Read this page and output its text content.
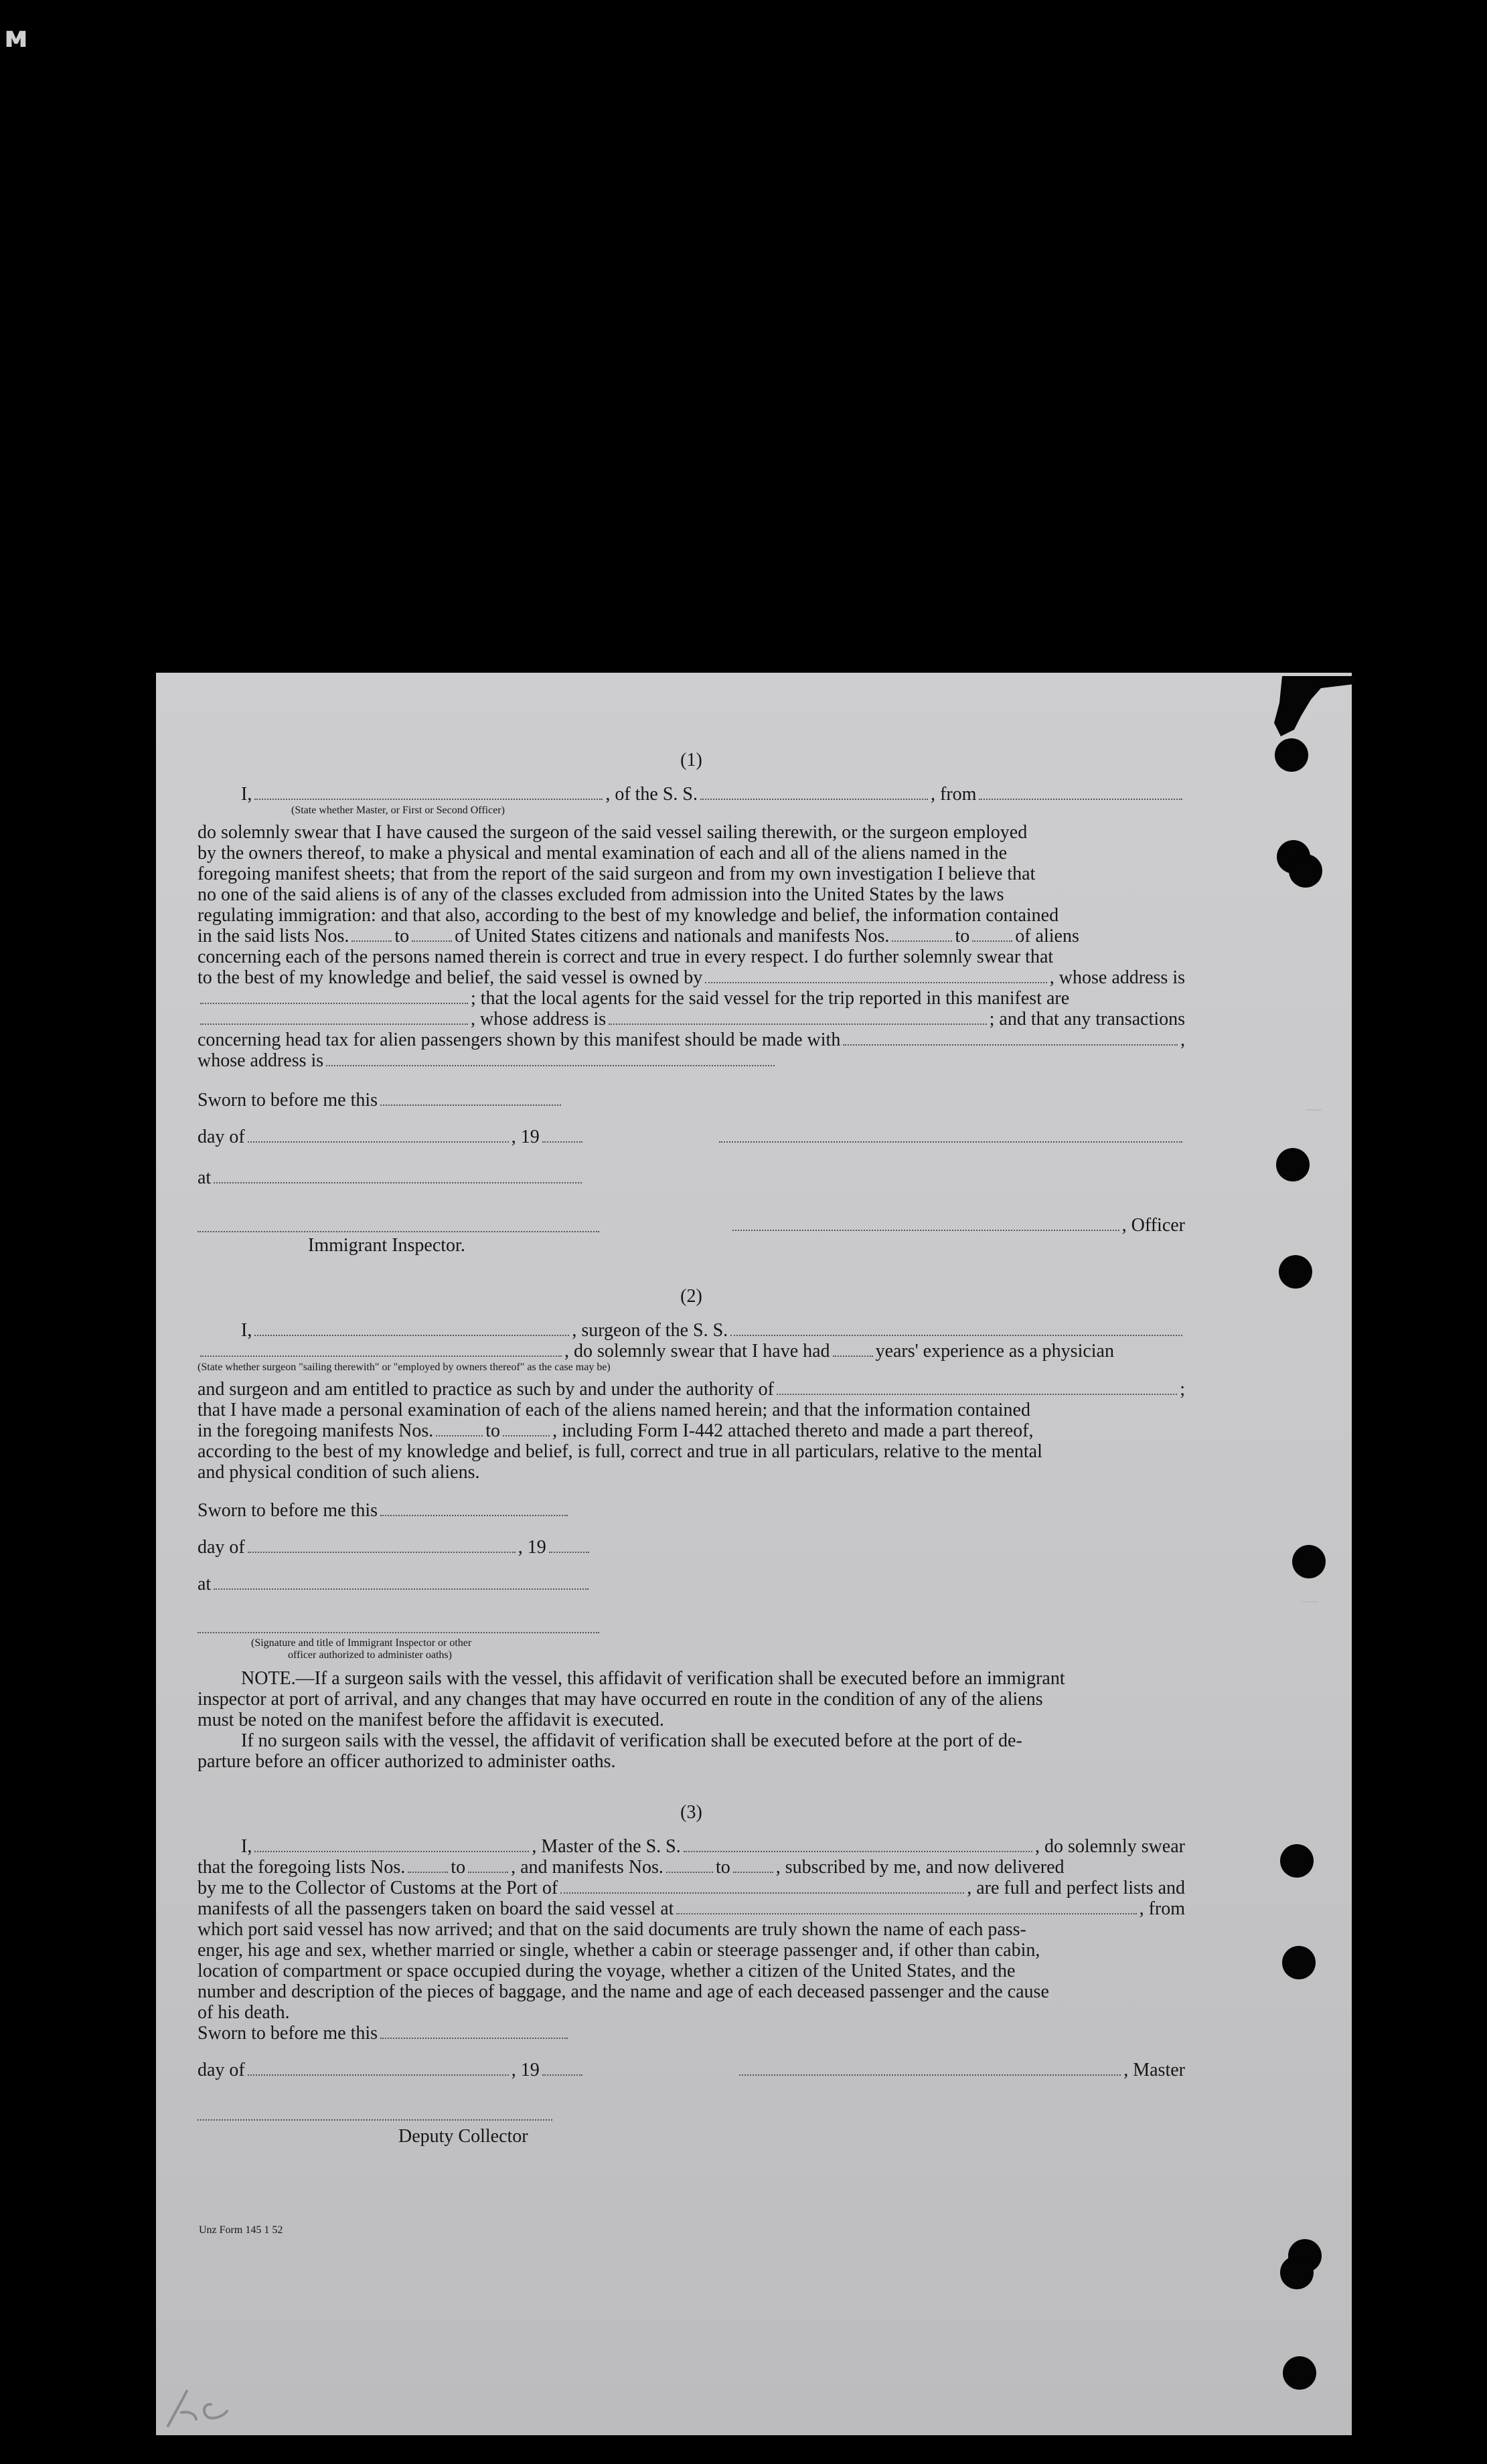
ᴍ
(1)
I,	, of the S. S.	, from
(State whether Master, or First or Second Officer)
do solemnly swear that I have caused the surgeon of the said vessel sailing therewith, or the surgeon employed
by the owners thereof, to make a physical and mental examination of each and all of the aliens named in the
foregoing manifest sheets; that from the report of the said surgeon and from my own investigation I believe that
no one of the said aliens is of any of the classes excluded from admission into the United States by the laws
regulating immigration: and that also, according to the best of my knowledge and belief, the information contained
in the said lists Nos. to of United States citizens and nationals and manifests Nos.	to of aliens
concerning each of the persons named therein is correct and true in every respect. I do further solemnly swear that
to the best of my knowledge and belief, the said vessel is owned by	, whose address is
; that the local agents for the said vessel for the trip reported in this manifest are
, whose address is	; and that any transactions
concerning head tax for alien passengers shown by this manifest should be made with	,
whose address is
Sworn to before me this
day of	, 19
at
Immigrant Inspector.
, Officer
(2)
I,	, surgeon of the S. S.
, do solemnly swear that I have had years' experience as a physician
(State whether surgeon "sailing therewith" or "employed by owners thereof" as the case may be)
and surgeon and am entitled to practice as such by and under the authority of	;
that I have made a personal examination of each of the aliens named herein; and that the information contained
in the foregoing manifests Nos.	to	, including Form I-442 attached thereto and made a part thereof,
according to the best of my knowledge and belief, is full, correct and true in all particulars, relative to the mental
and physical condition of such aliens.
Sworn to before me this
day of	, 19
at
(Signature and title of Immigrant Inspector or other
officer authorized to administer oaths)
NOTE.—If a surgeon sails with the vessel, this affidavit of verification shall be executed before an immigrant
inspector at port of arrival, and any changes that may have occurred en route in the condition of any of the aliens
must be noted on the manifest before the affidavit is executed.
If no surgeon sails with the vessel, the affidavit of verification shall be executed before at the port of de-
parture before an officer authorized to administer oaths.
(3)
I,	, Master of the S. S.	, do solemnly swear
that the foregoing lists Nos. to , and manifests Nos.	to , subscribed by me, and now delivered
by me to the Collector of Customs at the Port of	, are full and perfect lists and
manifests of all the passengers taken on board the said vessel at	, from
which port said vessel has now arrived; and that on the said documents are truly shown the name of each pass-
enger, his age and sex, whether married or single, whether a cabin or steerage passenger and, if other than cabin,
location of compartment or space occupied during the voyage, whether a citizen of the United States, and the
number and description of the pieces of baggage, and the name and age of each deceased passenger and the cause
of his death.
Sworn to before me this
day of	, 19	, Master
Deputy Collector
Unz Form 145 1 52
